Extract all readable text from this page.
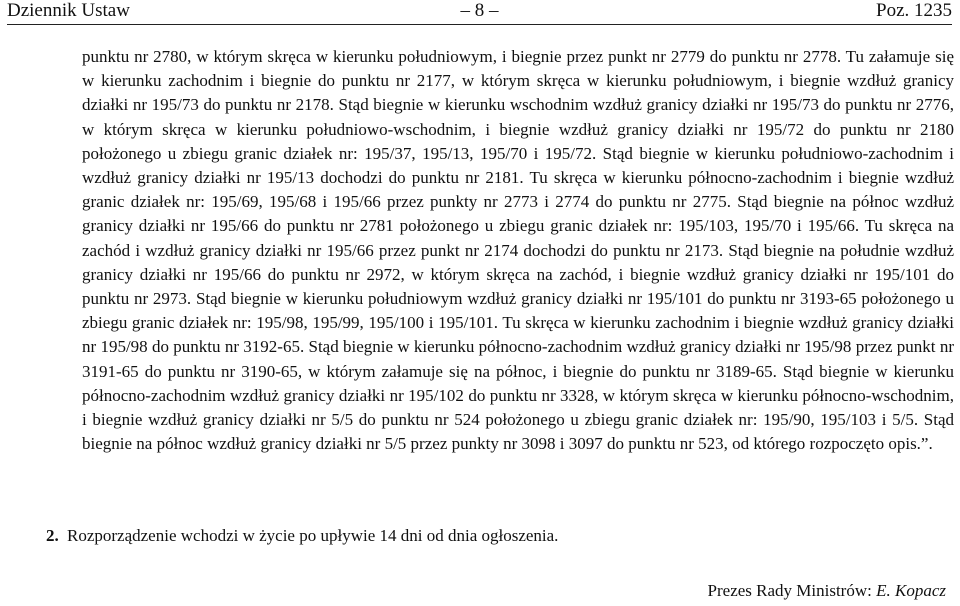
Dziennik Ustaw	– 8 –	Poz. 1235

punktu nr 2780, w którym skręca w kierunku południowym, i biegnie przez punkt nr 2779 do punktu nr 2778. Tu załamuje się w kierunku zachodnim i biegnie do punktu nr 2177, w którym skręca w kierunku południowym, i biegnie wzdłuż granicy działki nr 195/73 do punktu nr 2178. Stąd biegnie w kierunku wschodnim wzdłuż granicy działki nr 195/73 do punktu nr 2776, w którym skręca w kierunku południowo-wschodnim, i biegnie wzdłuż granicy działki nr 195/72 do punktu nr 2180 położonego u zbiegu granic działek nr: 195/37, 195/13, 195/70 i 195/72. Stąd biegnie w kierunku południowo-zachodnim i wzdłuż granicy działki nr 195/13 dochodzi do punktu nr 2181. Tu skręca w kierunku północno-zachodnim i biegnie wzdłuż granic działek nr: 195/69, 195/68 i 195/66 przez punkty nr 2773 i 2774 do punktu nr 2775. Stąd biegnie na północ wzdłuż granicy działki nr 195/66 do punktu nr 2781 położonego u zbiegu granic działek nr: 195/103, 195/70 i 195/66. Tu skręca na zachód i wzdłuż granicy działki nr 195/66 przez punkt nr 2174 dochodzi do punktu nr 2173. Stąd biegnie na południe wzdłuż granicy działki nr 195/66 do punktu nr 2972, w którym skręca na zachód, i biegnie wzdłuż granicy działki nr 195/101 do punktu nr 2973. Stąd biegnie w kierunku południowym wzdłuż granicy działki nr 195/101 do punktu nr 3193-65 położonego u zbiegu granic działek nr: 195/98, 195/99, 195/100 i 195/101. Tu skręca w kierunku zachodnim i biegnie wzdłuż granicy działki nr 195/98 do punktu nr 3192-65. Stąd biegnie w kierunku północno-zachodnim wzdłuż granicy działki nr 195/98 przez punkt nr 3191-65 do punktu nr 3190-65, w którym załamuje się na północ, i biegnie do punktu nr 3189-65. Stąd biegnie w kierunku północno-zachodnim wzdłuż granicy działki nr 195/102 do punktu nr 3328, w którym skręca w kierunku północno-wschodnim, i biegnie wzdłuż granicy działki nr 5/5 do punktu nr 524 położonego u zbiegu granic działek nr: 195/90, 195/103 i 5/5. Stąd biegnie na północ wzdłuż granicy działki nr 5/5 przez punkty nr 3098 i 3097 do punktu nr 523, od którego rozpoczęto opis.”.

2. Rozporządzenie wchodzi w życie po upływie 14 dni od dnia ogłoszenia.

Prezes Rady Ministrów: E. Kopacz
